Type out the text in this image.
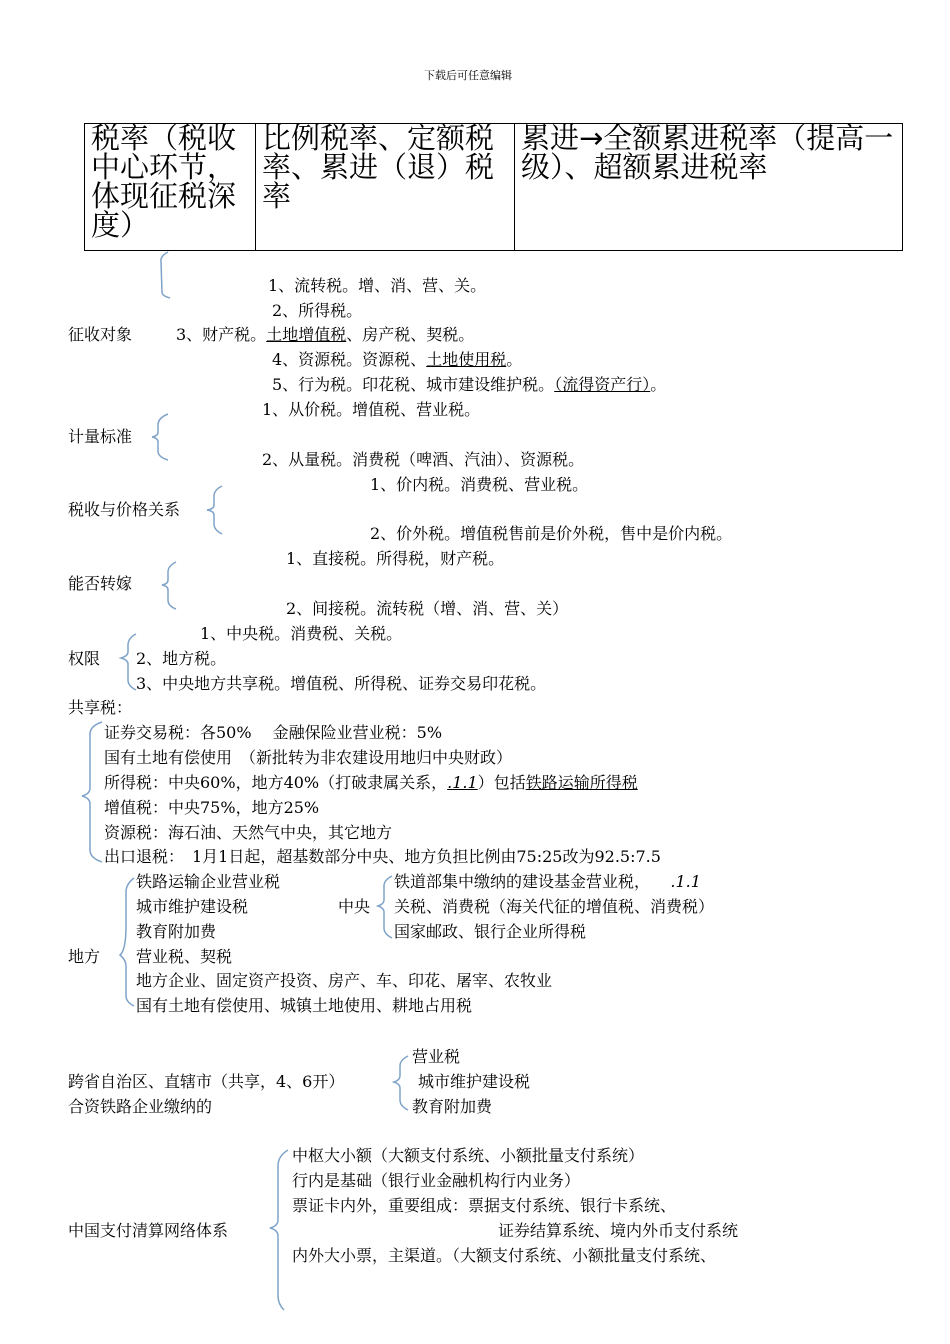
下载后可任意编辑
税率（税收中心环节，体现征税深度）	比例税率、定额税率、累进（退）税率	累进→全额累进税率（提高一级）、超额累进税率
征收对象
1、流转税。增、消、营、关。
2、所得税。
3、财产税。土地增值税、房产税、契税。
4、资源税。资源税、土地使用税。
5、行为税。印花税、城市建设维护税。（流得资产行）。
1、从价税。增值税、营业税。
计量标准
2、从量税。消费税（啤酒、汽油）、资源税。
1、价内税。消费税、营业税。
税收与价格关系
2、价外税。增值税售前是价外税，售中是价内税。
1、直接税。所得税，财产税。
能否转嫁
2、间接税。流转税（增、消、营、关）
1、中央税。消费税、关税。
权限 2、地方税。
3、中央地方共享税。增值税、所得税、证券交易印花税。
共享税：
证券交易税：各50%　 金融保险业营业税：5%
国有土地有偿使用　（新批转为非农建设用地归中央财政）
所得税：中央60%，地方40%（打破隶属关系，.1.1）包括铁路运输所得税
增值税：中央75%，地方25%
资源税：海石油、天然气中央，其它地方
出口退税：　1月1日起，超基数部分中央、地方负担比例由75:25改为92.5:7.5
铁路运输企业营业税
城市维护建设税
教育附加费
地方 营业税、契税
地方企业、固定资产投资、房产、车、印花、屠宰、农牧业
国有土地有偿使用、城镇土地使用、耕地占用税
中央
铁道部集中缴纳的建设基金营业税， .1.1
关税、消费税（海关代征的增值税、消费税）
国家邮政、银行企业所得税
跨省自治区、直辖市（共享，4、6开）
合资铁路企业缴纳的
营业税
城市维护建设税
教育附加费
中枢大小额（大额支付系统、小额批量支付系统）
行内是基础（银行业金融机构行内业务）
票证卡内外，重要组成：票据支付系统、银行卡系统、
中国支付清算网络体系	证券结算系统、境内外币支付系统
内外大小票，主渠道。（大额支付系统、小额批量支付系统、
